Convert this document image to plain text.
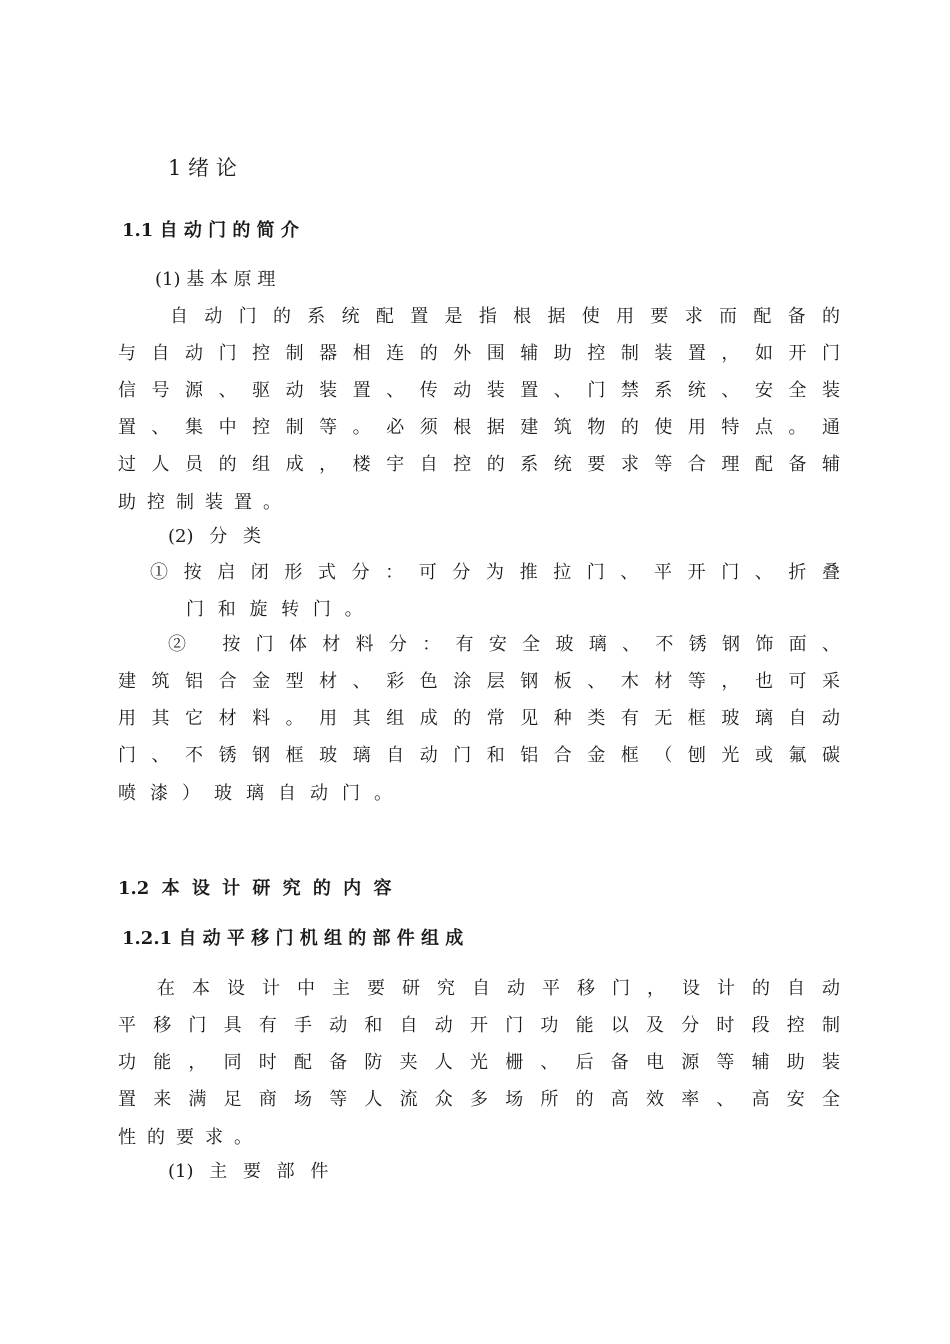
1 绪 论
1.1 自 动 门 的 简 介
(1) 基 本 原 理
自动门的系统配置是指根据使用要求而配备的
与自动门控制器相连的外围辅助控制装置，如开门
信号源、驱动装置、传动装置、门禁系统、安全装
置、集中控制等。必须根据建筑物的使用特点。通
过人员的组成，楼宇自控的系统要求等合理配备辅
助控制装置。
(2) 分 类
①按启闭形式分：可分为推拉门、平开门、折叠
门 和 旋 转 门 。
② 按门体材料分：有安全玻璃、不锈钢饰面、
建筑铝合金型材、彩色涂层钢板、木材等，也可采
用其它材料。用其组成的常见种类有无框玻璃自动
门、不锈钢框玻璃自动门和铝合金框（刨光或氟碳
喷漆）玻璃自动门。
1.2 本 设 计 研 究 的 内 容
1.2.1 自 动 平 移 门 机 组 的 部 件 组 成
在本设计中主要研究自动平移门，设计的自动
平移门具有手动和自动开门功能以及分时段控制
功能，同时配备防夹人光栅、后备电源等辅助装
置来满足商场等人流众多场所的高效率、高安全
性的要求。
(1) 主 要 部 件
